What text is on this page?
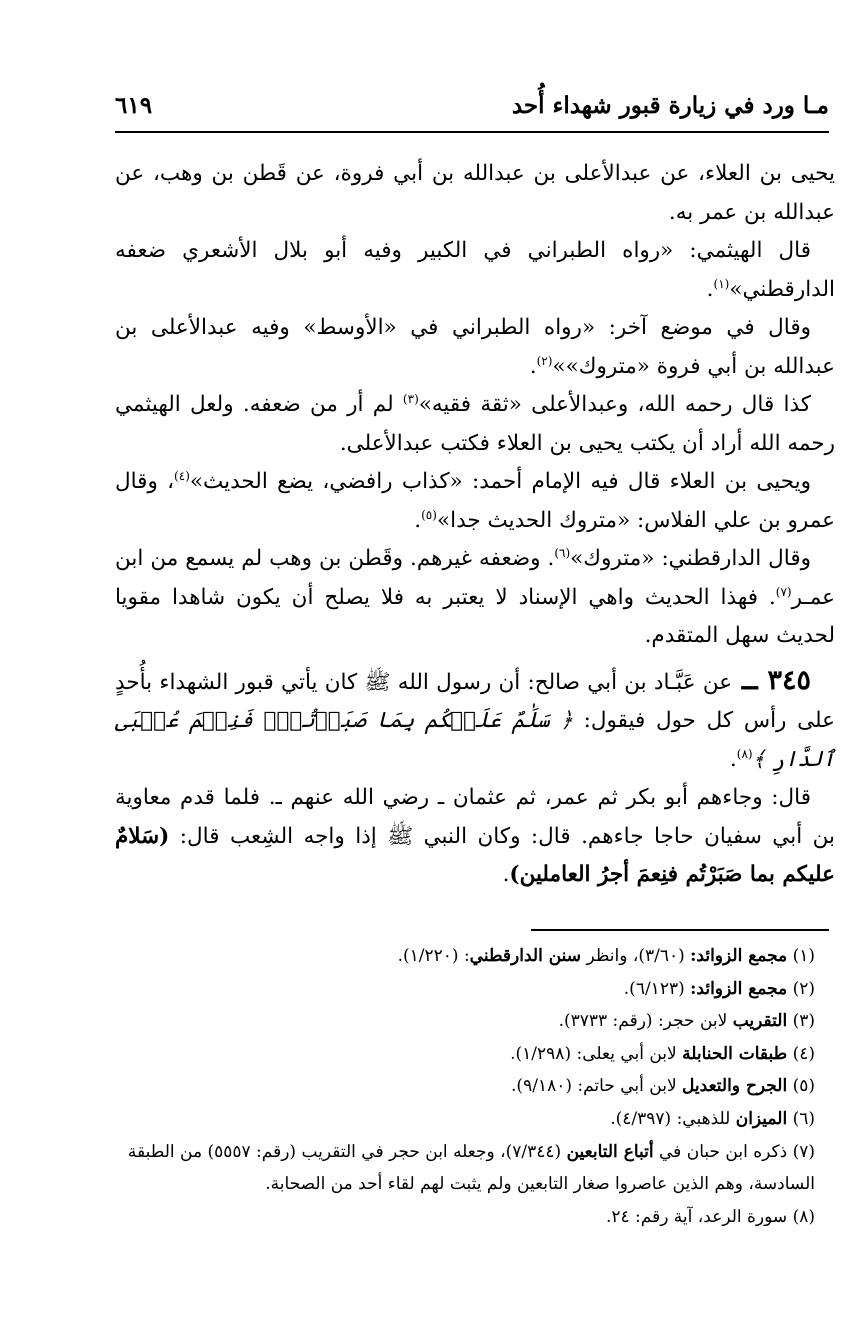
مـا ورد في زيارة قبور شهداء أُحد
٦١٩

يحيى بن العلاء، عن عبدالأعلى بن عبدالله بن أبي فروة، عن قَطن بن وهب، عن عبدالله بن عمر به.

قال الهيثمي: «رواه الطبراني في الكبير وفيه أبو بلال الأشعري ضعفه الدارقطني»$^{(١)}$.

وقال في موضع آخر: «رواه الطبراني في «الأوسط» وفيه عبدالأعلى بن عبدالله بن أبي فروة «متروك»»$^{(٢)}$.

كذا قال رحمه الله، وعبدالأعلى «ثقة فقيه»$^{(٣)}$ لم أر من ضعفه. ولعل الهيثمي رحمه الله أراد أن يكتب يحيى بن العلاء فكتب عبدالأعلى.

ويحيى بن العلاء قال فيه الإمام أحمد: «كذاب رافضي، يضع الحديث»$^{(٤)}$، وقال عمرو بن علي الفلاس: «متروك الحديث جدا»$^{(٥)}$.

وقال الدارقطني: «متروك»$^{(٦)}$. وضعفه غيرهم. وقَطن بن وهب لم يسمع من ابن عمـر$^{(٧)}$. فهذا الحديث واهي الإسناد لا يعتبر به فلا يصلح أن يكون شاهدا مقويا لحديث سهل المتقدم.

٣٤٥ ــ عن عَبَّـاد بن أبي صالح: أن رسول الله ﷺ كان يأتي قبور الشهداء بأُحدٍ على رأس كل حول فيقول: ﴿ سَلَٰمٌ عَلَيۡكُم بِمَا صَبَرۡتُمۡۚ فَنِعۡمَ عُقۡبَى ٱلدَّارِ ﴾$^{(٨)}$.

قال: وجاءهم أبو بكر ثم عمر، ثم عثمان ـ رضي الله عنهم ـ. فلما قدم معاوية بن أبي سفيان حاجا جاءهم. قال: وكان النبي ﷺ إذا واجه الشِعب قال: (سَلامٌ عليكم بما صَبَرْتُم فنِعمَ أجرُ العاملين).

(١) مجمع الزوائد: (٣/٦٠)، وانظر سنن الدارقطني: (١/٢٢٠).

(٢) مجمع الزوائد: (٦/١٢٣).

(٣) التقريب لابن حجر: (رقم: ٣٧٣٣).

(٤) طبقات الحنابلة لابن أبي يعلى: (١/٢٩٨).

(٥) الجرح والتعديل لابن أبي حاتم: (٩/١٨٠).

(٦) الميزان للذهبي: (٤/٣٩٧).

(٧) ذكره ابن حبان في أتباع التابعين (٧/٣٤٤)، وجعله ابن حجر في التقريب (رقم: ٥٥٥٧) من الطبقة السادسة، وهم الذين عاصروا صغار التابعين ولم يثبت لهم لقاء أحد من الصحابة.

(٨) سورة الرعد، آية رقم: ٢٤.
